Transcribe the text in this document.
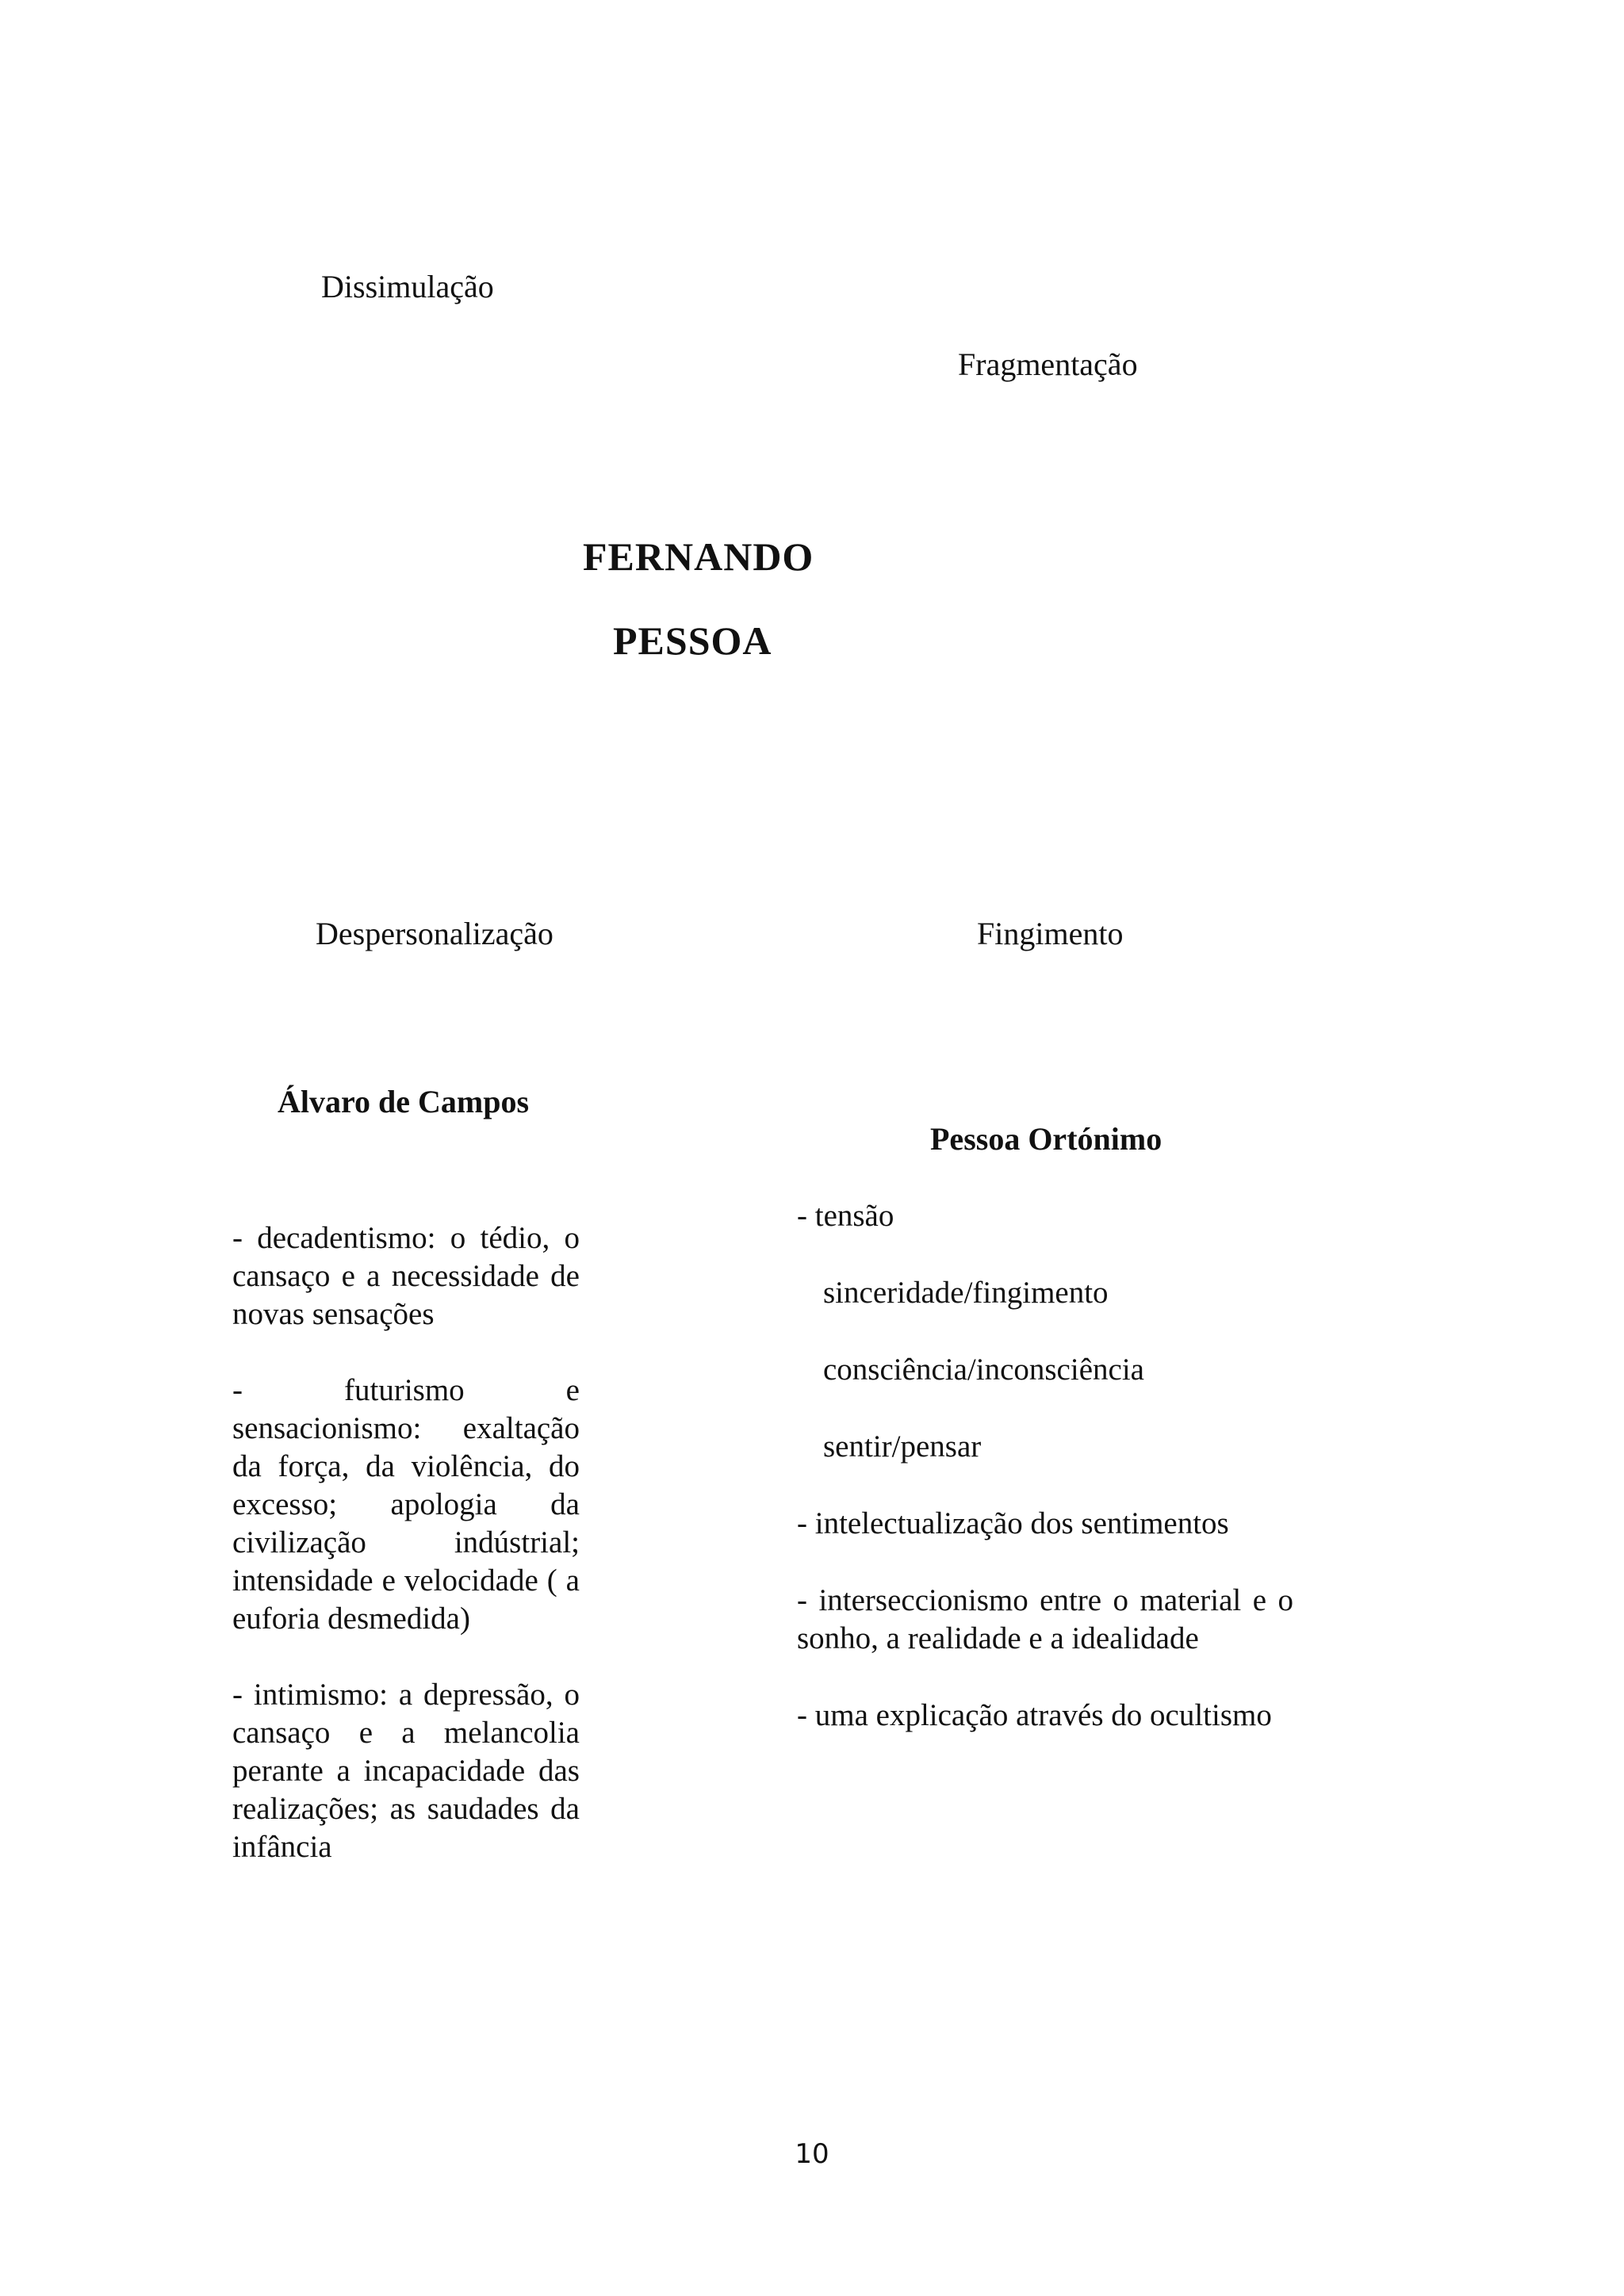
Dissimulação
Fragmentação
FERNANDO
PESSOA
Despersonalização	Fingimento
Álvaro de Campos

- decadentismo: o tédio, o cansaço e a necessidade de novas sensações

- futurismo e sensacionismo: exaltação da força, da violência, do excesso; apologia da civilização indústrial; intensidade e velocidade ( a euforia desmedida)

- intimismo: a depressão, o cansaço e a melancolia perante a incapacidade das realizações; as saudades da infância

Pessoa Ortónimo

- tensão

sinceridade/fingimento

consciência/inconsciência

sentir/pensar

- intelectualização dos sentimentos

- interseccionismo entre o material e o sonho, a realidade e a idealidade

- uma explicação através do ocultismo

10
